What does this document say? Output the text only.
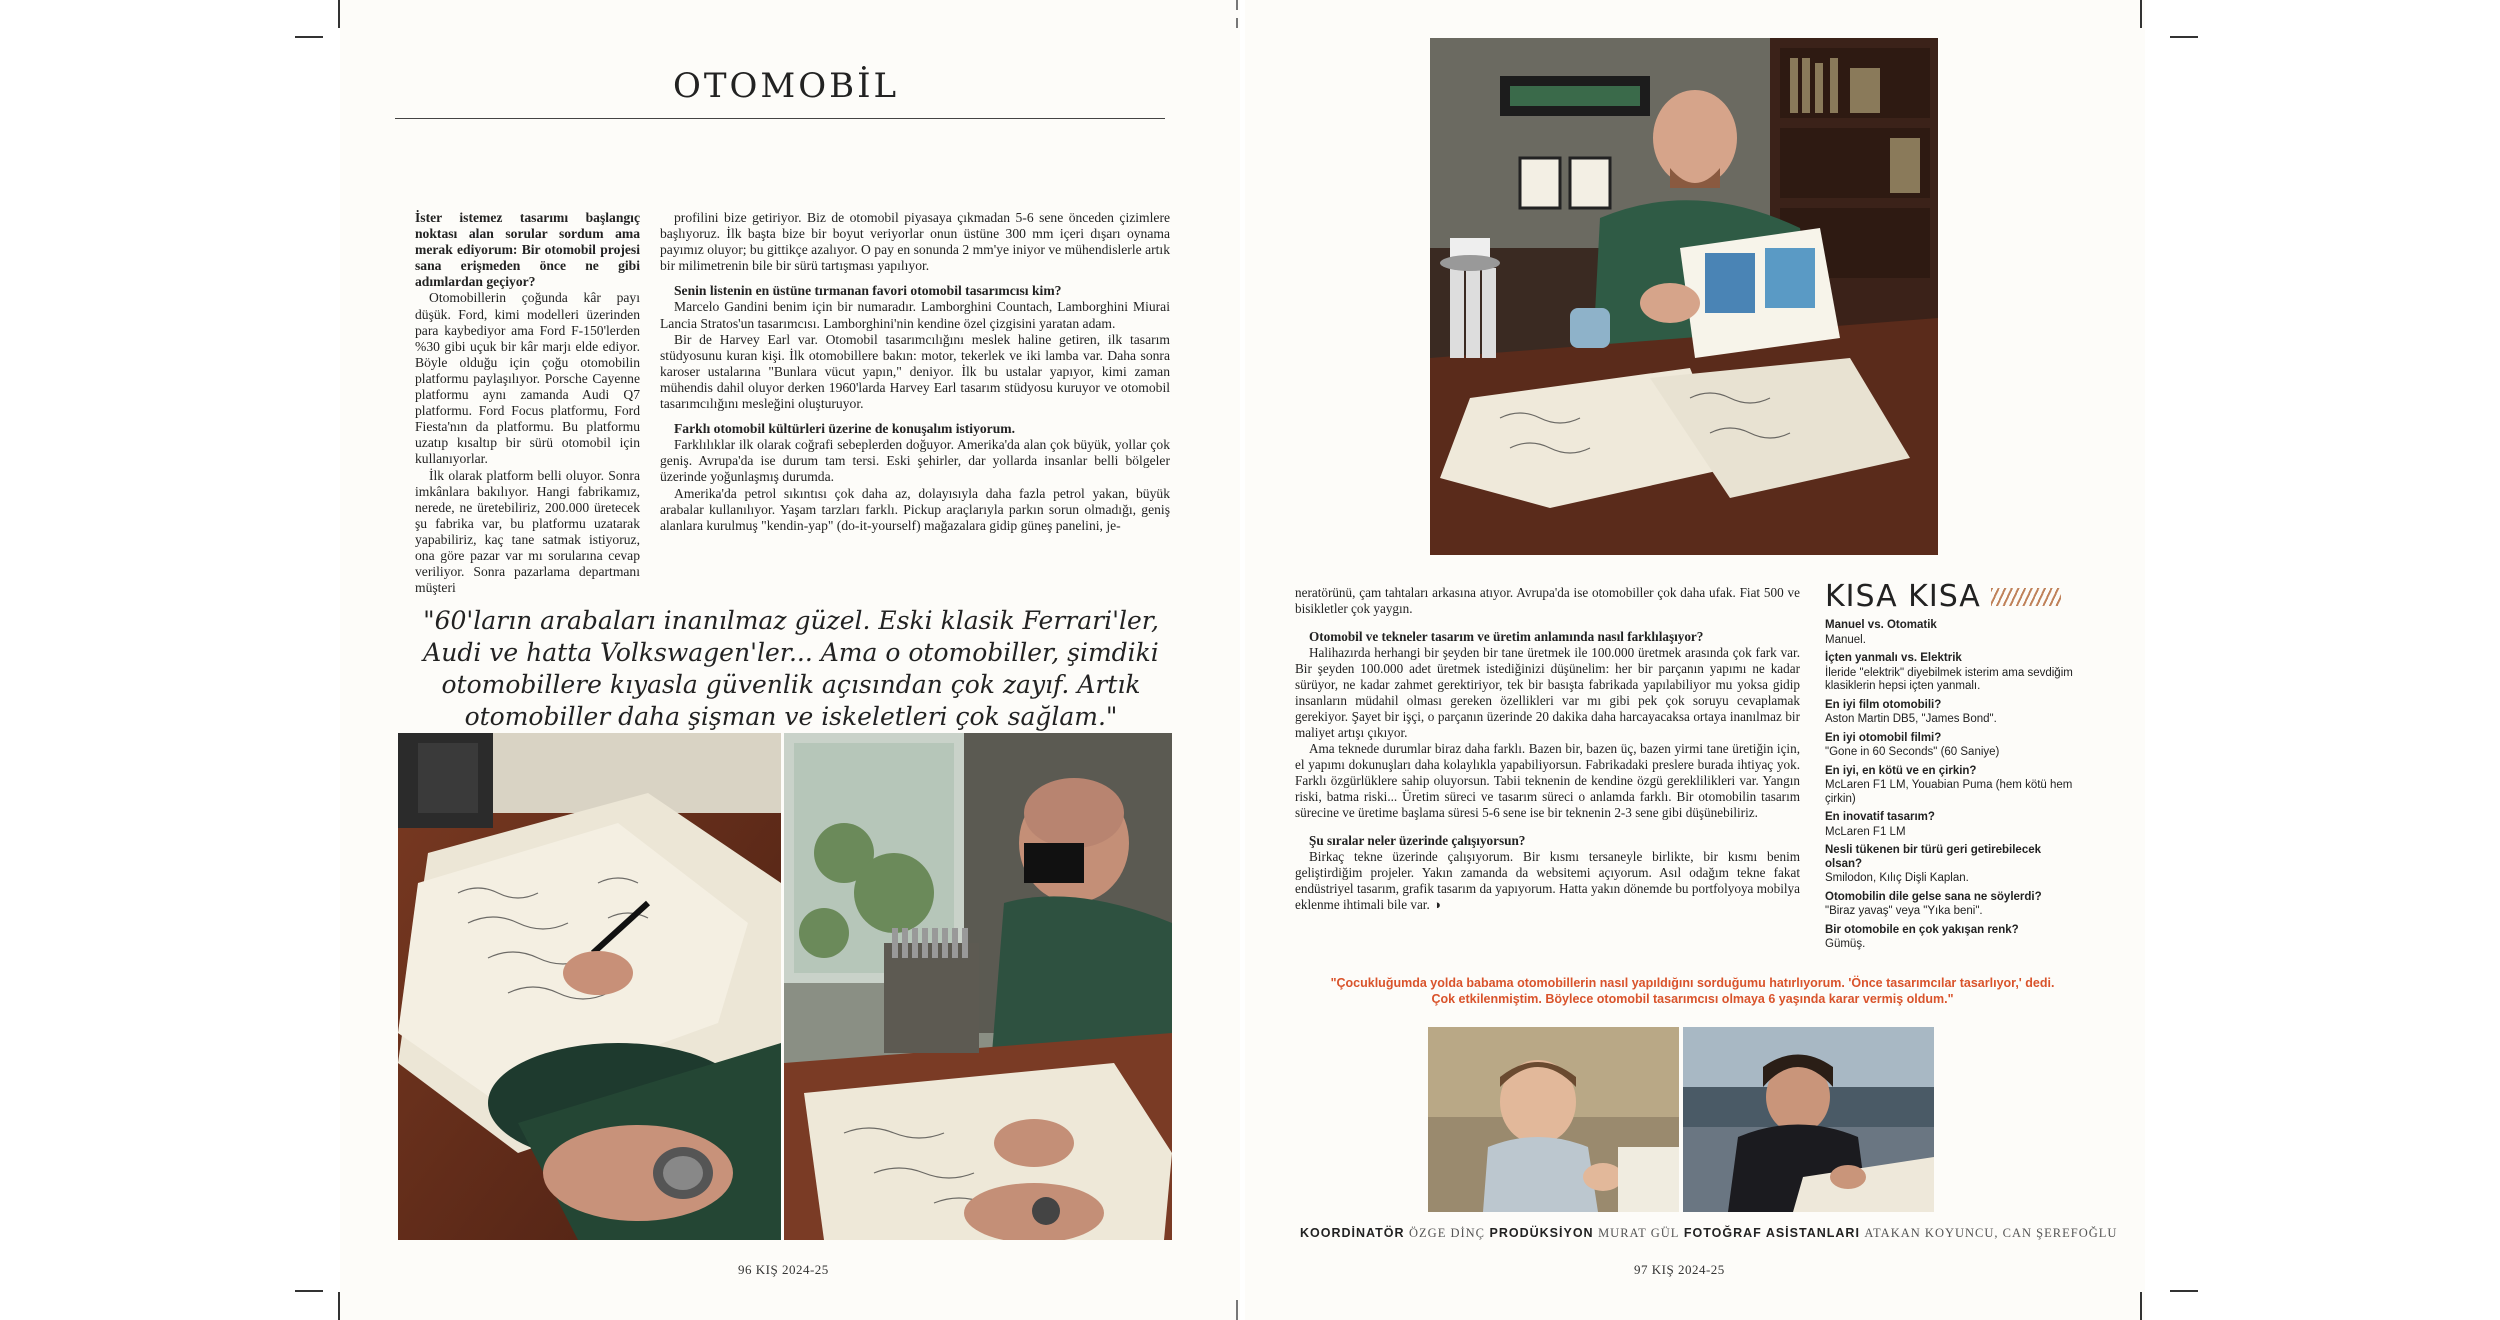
OTOMOBİL

İster istemez tasarımı başlangıç noktası alan sorular sordum ama merak ediyorum: Bir otomobil projesi sana erişmeden önce ne gibi adımlardan geçiyor?

Otomobillerin çoğunda kâr payı düşük. Ford, kimi modelleri üzerinden para kaybediyor ama Ford F-150'lerden %30 gibi uçuk bir kâr marjı elde ediyor. Böyle olduğu için çoğu otomobilin platformu paylaşılıyor. Porsche Cayenne platformu aynı zamanda Audi Q7 platformu. Ford Focus platformu, Ford Fiesta'nın da platformu. Bu platformu uzatıp kısaltıp bir sürü otomobil için kullanıyorlar.

İlk olarak platform belli oluyor. Sonra imkânlara bakılıyor. Hangi fabrikamız, nerede, ne üretebiliriz, 200.000 üretecek şu fabrika var, bu platformu uzatarak yapabiliriz, kaç tane satmak istiyoruz, ona göre pazar var mı sorularına cevap veriliyor. Sonra pazarlama departmanı müşteri

profilini bize getiriyor. Biz de otomobil piyasaya çıkmadan 5-6 sene önceden çizimlere başlıyoruz. İlk başta bize bir boyut veriyorlar onun üstüne 300 mm içeri dışarı oynama payımız oluyor; bu gittikçe azalıyor. O pay en sonunda 2 mm'ye iniyor ve mühendislerle artık bir milimetrenin bile bir sürü tartışması yapılıyor.

Senin listenin en üstüne tırmanan favori otomobil tasarımcısı kim?

Marcelo Gandini benim için bir numaradır. Lamborghini Countach, Lamborghini Miurai Lancia Stratos'un tasarımcısı. Lamborghini'nin kendine özel çizgisini yaratan adam.

Bir de Harvey Earl var. Otomobil tasarımcılığını meslek haline getiren, ilk tasarım stüdyosunu kuran kişi. İlk otomobillere bakın: motor, tekerlek ve iki lamba var. Daha sonra karoser ustalarına "Bunlara vücut yapın," deniyor. İlk bu ustalar yapıyor, kimi zaman mühendis dahil oluyor derken 1960'larda Harvey Earl tasarım stüdyosu kuruyor ve otomobil tasarımcılığını mesleğini oluşturuyor.

Farklı otomobil kültürleri üzerine de konuşalım istiyorum.

Farklılıklar ilk olarak coğrafi sebeplerden doğuyor. Amerika'da alan çok büyük, yollar çok geniş. Avrupa'da ise durum tam tersi. Eski şehirler, dar yollarda insanlar belli bölgeler üzerinde yoğunlaşmış durumda.

Amerika'da petrol sıkıntısı çok daha az, dolayısıyla daha fazla petrol yakan, büyük arabalar kullanılıyor. Yaşam tarzları farklı. Pickup araçlarıyla parkın sorun olmadığı, geniş alanlara kurulmuş "kendin-yap" (do-it-yourself) mağazalara gidip güneş panelini, je-

"60'ların arabaları inanılmaz güzel. Eski klasik Ferrari'ler, Audi ve hatta Volkswagen'ler... Ama o otomobiller, şimdiki otomobillere kıyasla güvenlik açısından çok zayıf. Artık otomobiller daha şişman ve iskeletleri çok sağlam."
96 KIŞ 2024-25

neratörünü, çam tahtaları arkasına atıyor. Avrupa'da ise otomobiller çok daha ufak. Fiat 500 ve bisikletler çok yaygın.

Otomobil ve tekneler tasarım ve üretim anlamında nasıl farklılaşıyor?

Halihazırda herhangi bir şeyden bir tane üretmek ile 100.000 üretmek arasında çok fark var. Bir şeyden 100.000 adet üretmek istediğinizi düşünelim: her bir parçanın yapımı ne kadar sürüyor, ne kadar zahmet gerektiriyor, tek bir basışta fabrikada yapılabiliyor mu yoksa gidip insanların müdahil olması gereken özellikleri var mı gibi pek çok soruyu cevaplamak gerekiyor. Şayet bir işçi, o parçanın üzerinde 20 dakika daha harcayacaksa ortaya inanılmaz bir maliyet artışı çıkıyor.

Ama teknede durumlar biraz daha farklı. Bazen bir, bazen üç, bazen yirmi tane üretiğin için, el yapımı dokunuşları daha kolaylıkla yapabiliyorsun. Fabrikadaki preslere burada ihtiyaç yok. Farklı özgürlüklere sahip oluyorsun. Tabii teknenin de kendine özgü gereklilikleri var. Yangın riski, batma riski... Üretim süreci ve tasarım süreci o anlamda farklı. Bir otomobilin tasarım sürecine ve üretime başlama süresi 5-6 sene ise bir teknenin 2-3 sene gibi düşünebiliriz.

Şu sıralar neler üzerinde çalışıyorsun?

Birkaç tekne üzerinde çalışıyorum. Bir kısmı tersaneyle birlikte, bir kısmı benim geliştirdiğim projeler. Yakın zamanda da websitemi açıyorum. Asıl odağım tekne fakat endüstriyel tasarım, grafik tasarım da yapıyorum. Hatta yakın dönemde bu portfolyoya mobilya eklenme ihtimali bile var. ◑

KISA KISA
Manuel vs. Otomatik
Manuel.
İçten yanmalı vs. Elektrik
İleride "elektrik" diyebilmek isterim ama sevdiğim klasiklerin hepsi içten yanmalı.
En iyi film otomobili?
Aston Martin DB5, "James Bond".
En iyi otomobil filmi?
"Gone in 60 Seconds" (60 Saniye)
En iyi, en kötü ve en çirkin?
McLaren F1 LM, Youabian Puma (hem kötü hem çirkin)
En inovatif tasarım?
McLaren F1 LM
Nesli tükenen bir türü geri getirebilecek olsan?
Smilodon, Kılıç Dişli Kaplan.
Otomobilin dile gelse sana ne söylerdi?
"Biraz yavaş" veya "Yıka beni".
Bir otomobile en çok yakışan renk?
Gümüş.
"Çocukluğumda yolda babama otomobillerin nasıl yapıldığını sorduğumu hatırlıyorum. 'Önce tasarımcılar tasarlıyor,' dedi. Çok etkilenmiştim. Böylece otomobil tasarımcısı olmaya 6 yaşında karar vermiş oldum."
KOORDİNATÖR ÖZGE DİNÇ PRODÜKSİYON MURAT GÜL FOTOĞRAF ASİSTANLARI ATAKAN KOYUNCU, CAN ŞEREFOĞLU
97 KIŞ 2024-25
